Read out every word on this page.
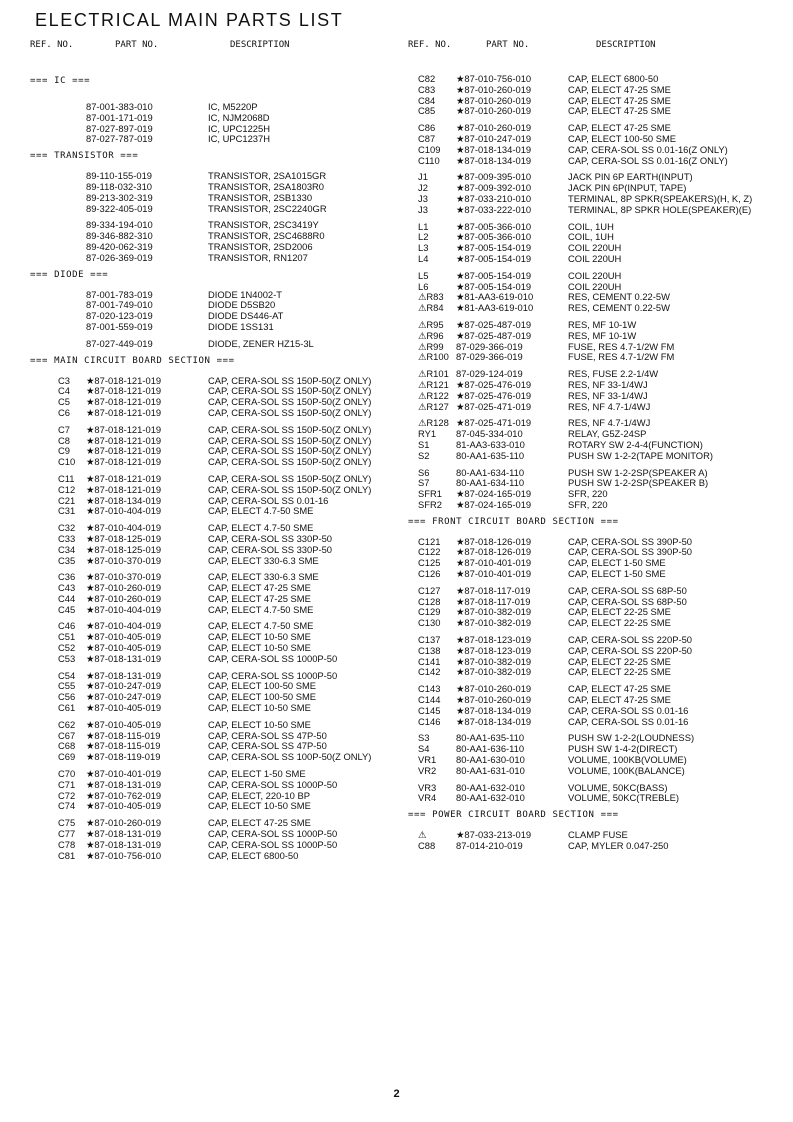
ELECTRICAL MAIN PARTS LIST
REF. NO.	PART NO.	DESCRIPTION
=== IC ===
87-001-383-010	IC, M5220P
87-001-171-019	IC, NJM2068D
87-027-897-019	IC, UPC1225H
87-027-787-019	IC, UPC1237H
=== TRANSISTOR ===
89-110-155-019	TRANSISTOR, 2SA1015GR
89-118-032-310	TRANSISTOR, 2SA1803R0
89-213-302-319	TRANSISTOR, 2SB1330
89-322-405-019	TRANSISTOR, 2SC2240GR
89-334-194-010	TRANSISTOR, 2SC3419Y
89-346-882-310	TRANSISTOR, 2SC4688R0
89-420-062-319	TRANSISTOR, 2SD2006
87-026-369-019	TRANSISTOR, RN1207
=== DIODE ===
87-001-783-019	DIODE 1N4002-T
87-001-749-010	DIODE D5SB20
87-020-123-019	DIODE DS446-AT
87-001-559-019	DIODE 1SS131
87-027-449-019	DIODE, ZENER HZ15-3L
=== MAIN CIRCUIT BOARD SECTION ===
C3 ★87-018-121-019	CAP, CERA-SOL SS 150P-50(Z ONLY)
C4 ★87-018-121-019	CAP, CERA-SOL SS 150P-50(Z ONLY)
C5 ★87-018-121-019	CAP, CERA-SOL SS 150P-50(Z ONLY)
C6 ★87-018-121-019	CAP, CERA-SOL SS 150P-50(Z ONLY)
C7 ★87-018-121-019	CAP, CERA-SOL SS 150P-50(Z ONLY)
C8 ★87-018-121-019	CAP, CERA-SOL SS 150P-50(Z ONLY)
C9 ★87-018-121-019	CAP, CERA-SOL SS 150P-50(Z ONLY)
C10 ★87-018-121-019	CAP, CERA-SOL SS 150P-50(Z ONLY)
C11 ★87-018-121-019	CAP, CERA-SOL SS 150P-50(Z ONLY)
C12 ★87-018-121-019	CAP, CERA-SOL SS 150P-50(Z ONLY)
C21 ★87-018-134-019	CAP, CERA-SOL SS 0.01-16
C31 ★87-010-404-019	CAP, ELECT 4.7-50 SME
C32 ★87-010-404-019	CAP, ELECT 4.7-50 SME
C33 ★87-018-125-019	CAP, CERA-SOL SS 330P-50
C34 ★87-018-125-019	CAP, CERA-SOL SS 330P-50
C35 ★87-010-370-019	CAP, ELECT 330-6.3 SME
C36 ★87-010-370-019	CAP, ELECT 330-6.3 SME
C43 ★87-010-260-019	CAP, ELECT 47-25 SME
C44 ★87-010-260-019	CAP, ELECT 47-25 SME
C45 ★87-010-404-019	CAP, ELECT 4.7-50 SME
C46 ★87-010-404-019	CAP, ELECT 4.7-50 SME
C51 ★87-010-405-019	CAP, ELECT 10-50 SME
C52 ★87-010-405-019	CAP, ELECT 10-50 SME
C53 ★87-018-131-019	CAP, CERA-SOL SS 1000P-50
C54 ★87-018-131-019	CAP, CERA-SOL SS 1000P-50
C55 ★87-010-247-019	CAP, ELECT 100-50 SME
C56 ★87-010-247-019	CAP, ELECT 100-50 SME
C61 ★87-010-405-019	CAP, ELECT 10-50 SME
C62 ★87-010-405-019	CAP, ELECT 10-50 SME
C67 ★87-018-115-019	CAP, CERA-SOL SS 47P-50
C68 ★87-018-115-019	CAP, CERA-SOL SS 47P-50
C69 ★87-018-119-019	CAP, CERA-SOL SS 100P-50(Z ONLY)
C70 ★87-010-401-019	CAP, ELECT 1-50 SME
C71 ★87-018-131-019	CAP, CERA-SOL SS 1000P-50
C72 ★87-010-762-019	CAP, ELECT, 220-10 BP
C74 ★87-010-405-019	CAP, ELECT 10-50 SME
C75 ★87-010-260-019	CAP, ELECT 47-25 SME
C77 ★87-018-131-019	CAP, CERA-SOL SS 1000P-50
C78 ★87-018-131-019	CAP, CERA-SOL SS 1000P-50
C81 ★87-010-756-010	CAP, ELECT 6800-50
REF. NO.	PART NO.	DESCRIPTION
C82 ★87-010-756-010	CAP, ELECT 6800-50
C83 ★87-010-260-019	CAP, ELECT 47-25 SME
C84 ★87-010-260-019	CAP, ELECT 47-25 SME
C85 ★87-010-260-019	CAP, ELECT 47-25 SME
C86 ★87-010-260-019	CAP, ELECT 47-25 SME
C87 ★87-010-247-019	CAP, ELECT 100-50 SME
C109 ★87-018-134-019	CAP, CERA-SOL SS 0.01-16(Z ONLY)
C110 ★87-018-134-019	CAP, CERA-SOL SS 0.01-16(Z ONLY)
J1	★87-009-395-010	JACK PIN 6P EARTH(INPUT)
J2	★87-009-392-010	JACK PIN 6P(INPUT, TAPE)
J3	★87-033-210-010	TERMINAL, 8P SPKR(SPEAKERS)(H, K, Z)
J3	★87-033-222-010	TERMINAL, 8P SPKR HOLE(SPEAKER)(E)
L1	★87-005-366-010	COIL, 1UH
L2	★87-005-366-010	COIL, 1UH
L3	★87-005-154-019	COIL 220UH
L4	★87-005-154-019	COIL 220UH
L5	★87-005-154-019	COIL 220UH
L6	★87-005-154-019	COIL 220UH
⚠R83 ★81-AA3-619-010	RES, CEMENT 0.22-5W
⚠R84 ★81-AA3-619-010	RES, CEMENT 0.22-5W
⚠R95 ★87-025-487-019	RES, MF 10-1W
⚠R96 ★87-025-487-019	RES, MF 10-1W
⚠R99 87-029-366-019	FUSE, RES 4.7-1/2W FM
⚠R100 87-029-366-019	FUSE, RES 4.7-1/2W FM
⚠R101 87-029-124-019	RES, FUSE 2.2-1/4W
⚠R121 ★87-025-476-019	RES, NF 33-1/4WJ
⚠R122 ★87-025-476-019	RES, NF 33-1/4WJ
⚠R127 ★87-025-471-019	RES, NF 4.7-1/4WJ
⚠R128 ★87-025-471-019	RES, NF 4.7-1/4WJ
RY1 87-045-334-010	RELAY, G5Z-24SP
S1	81-AA3-633-010	ROTARY SW 2-4-4(FUNCTION)
S2	80-AA1-635-110	PUSH SW 1-2-2(TAPE MONITOR)
S6	80-AA1-634-110	PUSH SW 1-2-2SP(SPEAKER A)
S7	80-AA1-634-110	PUSH SW 1-2-2SP(SPEAKER B)
SFR1 ★87-024-165-019	SFR, 220
SFR2 ★87-024-165-019	SFR, 220
=== FRONT CIRCUIT BOARD SECTION ===
C121 ★87-018-126-019	CAP, CERA-SOL SS 390P-50
C122 ★87-018-126-019	CAP, CERA-SOL SS 390P-50
C125 ★87-010-401-019	CAP, ELECT 1-50 SME
C126 ★87-010-401-019	CAP, ELECT 1-50 SME
C127 ★87-018-117-019	CAP, CERA-SOL SS 68P-50
C128 ★87-018-117-019	CAP, CERA-SOL SS 68P-50
C129 ★87-010-382-019	CAP, ELECT 22-25 SME
C130 ★87-010-382-019	CAP, ELECT 22-25 SME
C137 ★87-018-123-019	CAP, CERA-SOL SS 220P-50
C138 ★87-018-123-019	CAP, CERA-SOL SS 220P-50
C141 ★87-010-382-019	CAP, ELECT 22-25 SME
C142 ★87-010-382-019	CAP, ELECT 22-25 SME
C143 ★87-010-260-019	CAP, ELECT 47-25 SME
C144 ★87-010-260-019	CAP, ELECT 47-25 SME
C145 ★87-018-134-019	CAP, CERA-SOL SS 0.01-16
C146 ★87-018-134-019	CAP, CERA-SOL SS 0.01-16
S3	80-AA1-635-110	PUSH SW 1-2-2(LOUDNESS)
S4	80-AA1-636-110	PUSH SW 1-4-2(DIRECT)
VR1 80-AA1-630-010	VOLUME, 100KB(VOLUME)
VR2 80-AA1-631-010	VOLUME, 100K(BALANCE)
VR3 80-AA1-632-010	VOLUME, 50KC(BASS)
VR4 80-AA1-632-010	VOLUME, 50KC(TREBLE)
=== POWER CIRCUIT BOARD SECTION ===
⚠	★87-033-213-019	CLAMP FUSE
C88 87-014-210-019	CAP, MYLER 0.047-250
2
